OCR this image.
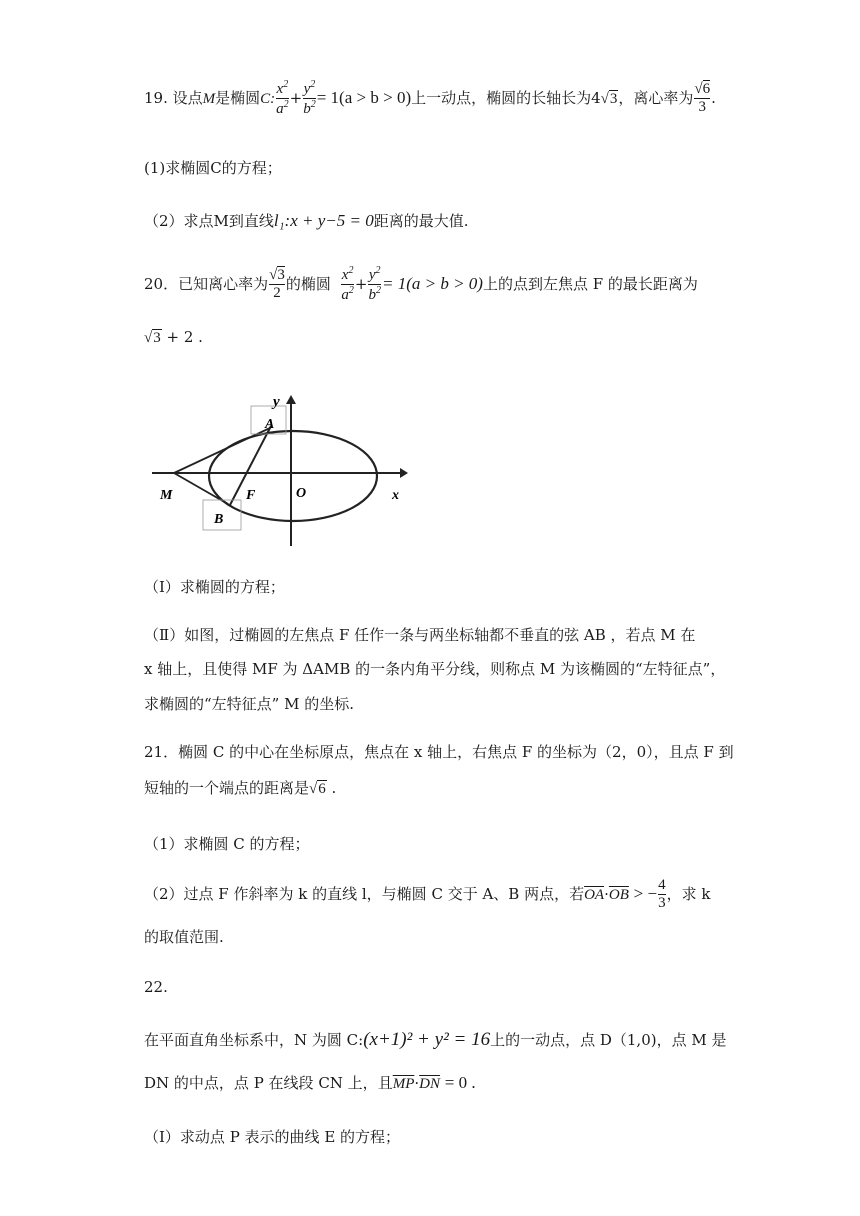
19. 设点M是椭圆C: $\frac{x^2}{a^2} + \frac{y^2}{b^2} = 1(a > b > 0)$上一动点，椭圆的长轴长为4√3，离心率为 $\frac{√6}{3}$ .
(1)求椭圆C的方程；
（2）求点M到直线l₁:x + y−5 = 0距离的最大值.
20．已知离心率为 $\frac{√3}{2}$ 的椭圆 $\frac{x^2}{a^2} + \frac{y^2}{b^2} = 1(a > b > 0)$上的点到左焦点 F 的最长距离为
√3 + 2 .
y
A
B
M	F	O	x
（Ⅰ）求椭圆的方程；
（Ⅱ）如图，过椭圆的左焦点 F 任作一条与两坐标轴都不垂直的弦 AB ，若点 M 在
x 轴上，且使得 MF 为 ΔAMB 的一条内角平分线，则称点 M 为该椭圆的“左特征点”，
求椭圆的“左特征点” M 的坐标.
21．椭圆 C 的中心在坐标原点，焦点在 x 轴上，右焦点 F 的坐标为（2，0），且点 F 到
短轴的一个端点的距离是√6 .
（1）求椭圆 C 的方程；
（2）过点 F 作斜率为 k 的直线 l，与椭圆 C 交于 A、B 两点，若$\overline{OA}\cdot\overline{OB}$ > − $\frac{4}{3}$ ，求 k
的取值范围.
22.
在平面直角坐标系中，N 为圆 C:(x+1)² + y² = 16上的一动点，点 D（1,0)，点 M 是
DN 的中点，点 P 在线段 CN 上，且$\overline{MP}\cdot\overline{DN} = 0$ .
（Ⅰ）求动点 P 表示的曲线 E 的方程；
